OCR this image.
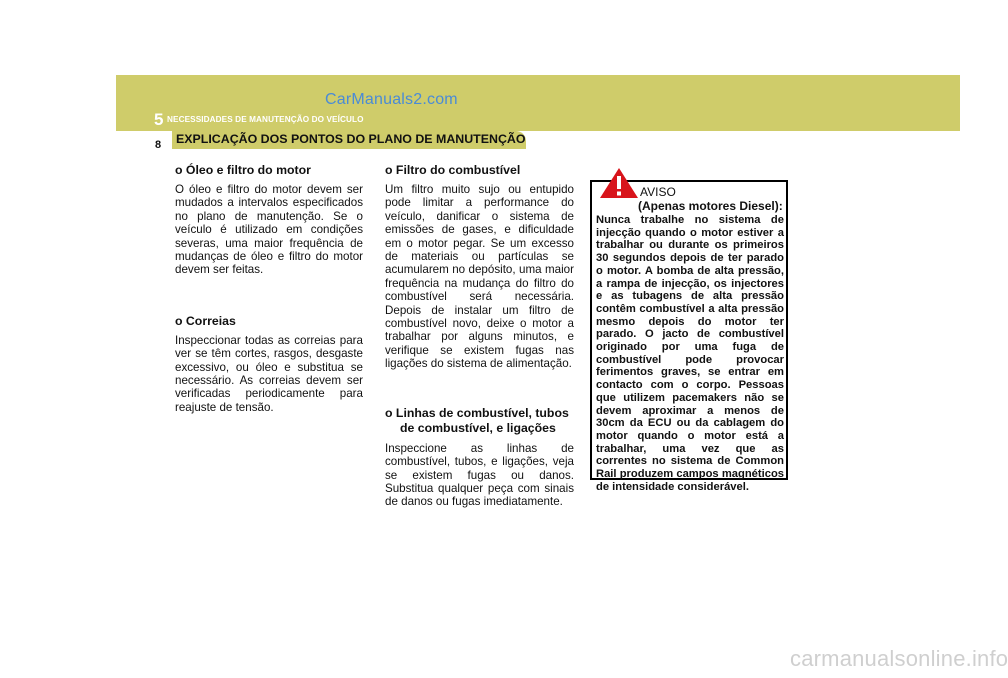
CarManuals2.com
5 NECESSIDADES DE MANUTENÇÃO DO VEÍCULO
EXPLICAÇÃO DOS PONTOS DO PLANO DE MANUTENÇÃO
8
o Óleo e filtro do motor

O óleo e filtro do motor devem ser mudados a intervalos especificados no plano de manutenção. Se o veículo é utilizado em condições severas, uma maior frequência de mudanças de óleo e filtro do motor devem ser feitas.

o Correias

Inspeccionar todas as correias para ver se têm cortes, rasgos, desgaste excessivo, ou óleo e substitua se necessário. As correias devem ser verificadas periodicamente para reajuste de tensão.

o Filtro do combustível

Um filtro muito sujo ou entupido pode limitar a performance do veículo, danificar o sistema de emissões de gases, e dificuldade em o motor pegar. Se um excesso de materiais ou partículas se acumularem no depósito, uma maior frequência na mudança do filtro do combustível será necessária. Depois de instalar um filtro de combustível novo, deixe o motor a trabalhar por alguns minutos, e verifique se existem fugas nas ligações do sistema de alimentação.

o Linhas de combustível, tubos de combustível, e ligações

Inspeccione as linhas de combustível, tubos, e ligações, veja se existem fugas ou danos. Substitua qualquer peça com sinais de danos ou fugas imediatamente.

AVISO
(Apenas motores Diesel):
Nunca trabalhe no sistema de injecção quando o motor estiver a trabalhar ou durante os primeiros 30 segundos depois de ter parado o motor. A bomba de alta pressão, a rampa de injecção, os injectores e as tubagens de alta pressão contêm combustível a alta pressão mesmo depois do motor ter parado. O jacto de combustível originado por uma fuga de combustível pode provocar ferimentos graves, se entrar em contacto com o corpo. Pessoas que utilizem pacemakers não se devem aproximar a menos de 30cm da ECU ou da cablagem do motor quando o motor está a trabalhar, uma vez que as correntes no sistema de Common Rail produzem campos magnéticos de intensidade considerável.
carmanualsonline.info
